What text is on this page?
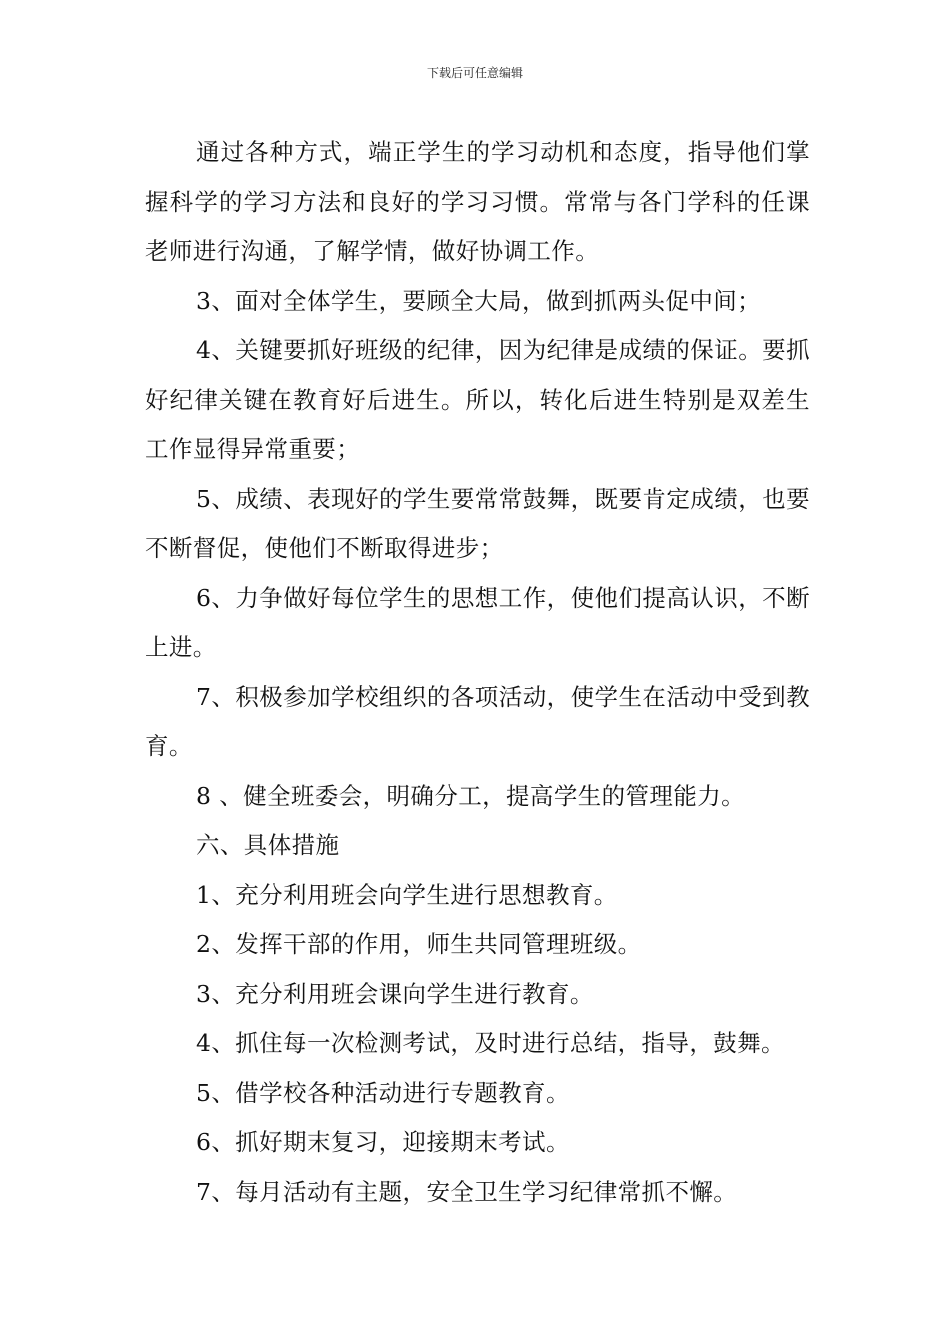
下载后可任意编辑

通过各种方式，端正学生的学习动机和态度，指导他们掌握科学的学习方法和良好的学习习惯。常常与各门学科的任课老师进行沟通，了解学情，做好协调工作。

3、面对全体学生，要顾全大局，做到抓两头促中间；

4、关键要抓好班级的纪律，因为纪律是成绩的保证。要抓好纪律关键在教育好后进生。所以，转化后进生特别是双差生工作显得异常重要；

5、成绩、表现好的学生要常常鼓舞，既要肯定成绩，也要不断督促，使他们不断取得进步；

6、力争做好每位学生的思想工作，使他们提高认识，不断上进。

7、积极参加学校组织的各项活动，使学生在活动中受到教育。

8 、健全班委会，明确分工，提高学生的管理能力。

六、具体措施

1、充分利用班会向学生进行思想教育。

2、发挥干部的作用，师生共同管理班级。

3、充分利用班会课向学生进行教育。

4、抓住每一次检测考试，及时进行总结，指导，鼓舞。

5、借学校各种活动进行专题教育。

6、抓好期末复习，迎接期末考试。

7、每月活动有主题，安全卫生学习纪律常抓不懈。
